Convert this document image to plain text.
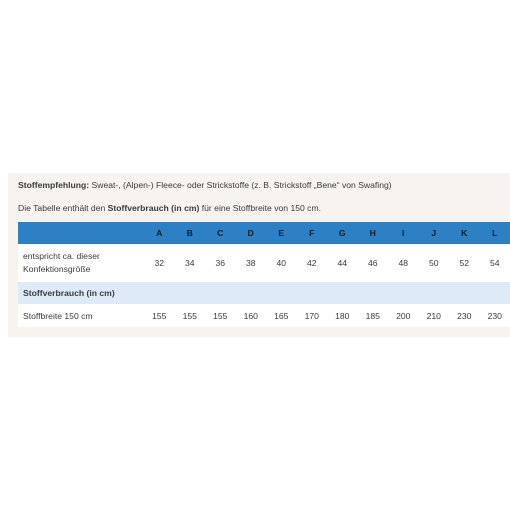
Stoffempfehlung: Sweat-, (Alpen-) Fleece- oder Strickstoffe (z. B. Strickstoff „Bene“ von Swafing)

Die Tabelle enthält den Stoffverbrauch (in cm) für eine Stoffbreite von 150 cm.

	A	B	C	D	E	F	G	H	I	J	K	L
entspricht ca. dieser
Konfektionsgröße	32	34	36	38	40	42	44	46	48	50	52	54
Stoffverbrauch (in cm)												
Stoffbreite 150 cm	155	155	155	160	165	170	180	185	200	210	230	230
